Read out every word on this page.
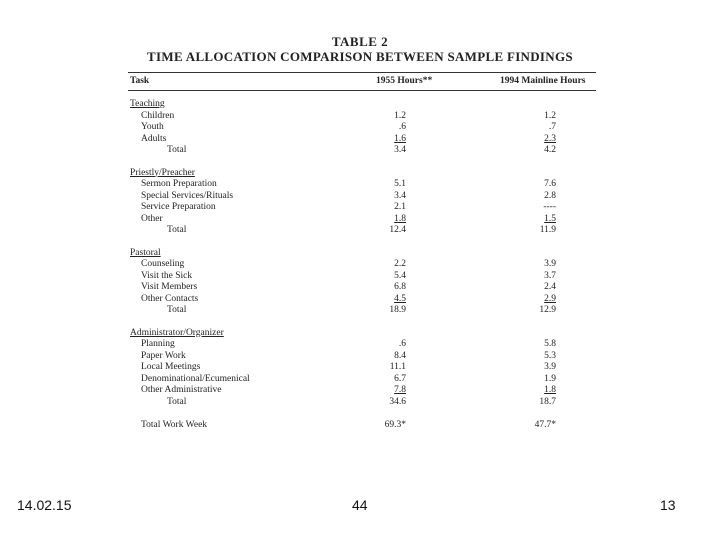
TABLE 2
TIME ALLOCATION COMPARISON BETWEEN SAMPLE FINDINGS
Task	1955 Hours**	1994 Mainline Hours
Teaching
Children	1.2	1.2
Youth	.6	.7
Adults	1.6	2.3
Total	3.4	4.2
Priestly/Preacher
Sermon Preparation	5.1	7.6
Special Services/Rituals	3.4	2.8
Service Preparation	2.1	----
Other	1.8	1.5
Total	12.4	11.9
Pastoral
Counseling	2.2	3.9
Visit the Sick	5.4	3.7
Visit Members	6.8	2.4
Other Contacts	4.5	2.9
Total	18.9	12.9
Administrator/Organizer
Planning	.6	5.8
Paper Work	8.4	5.3
Local Meetings	11.1	3.9
Denominational/Ecumenical	6.7	1.9
Other Administrative	7.8	1.8
Total	34.6	18.7
Total Work Week	69.3*	47.7*
14.02.15	44	13
